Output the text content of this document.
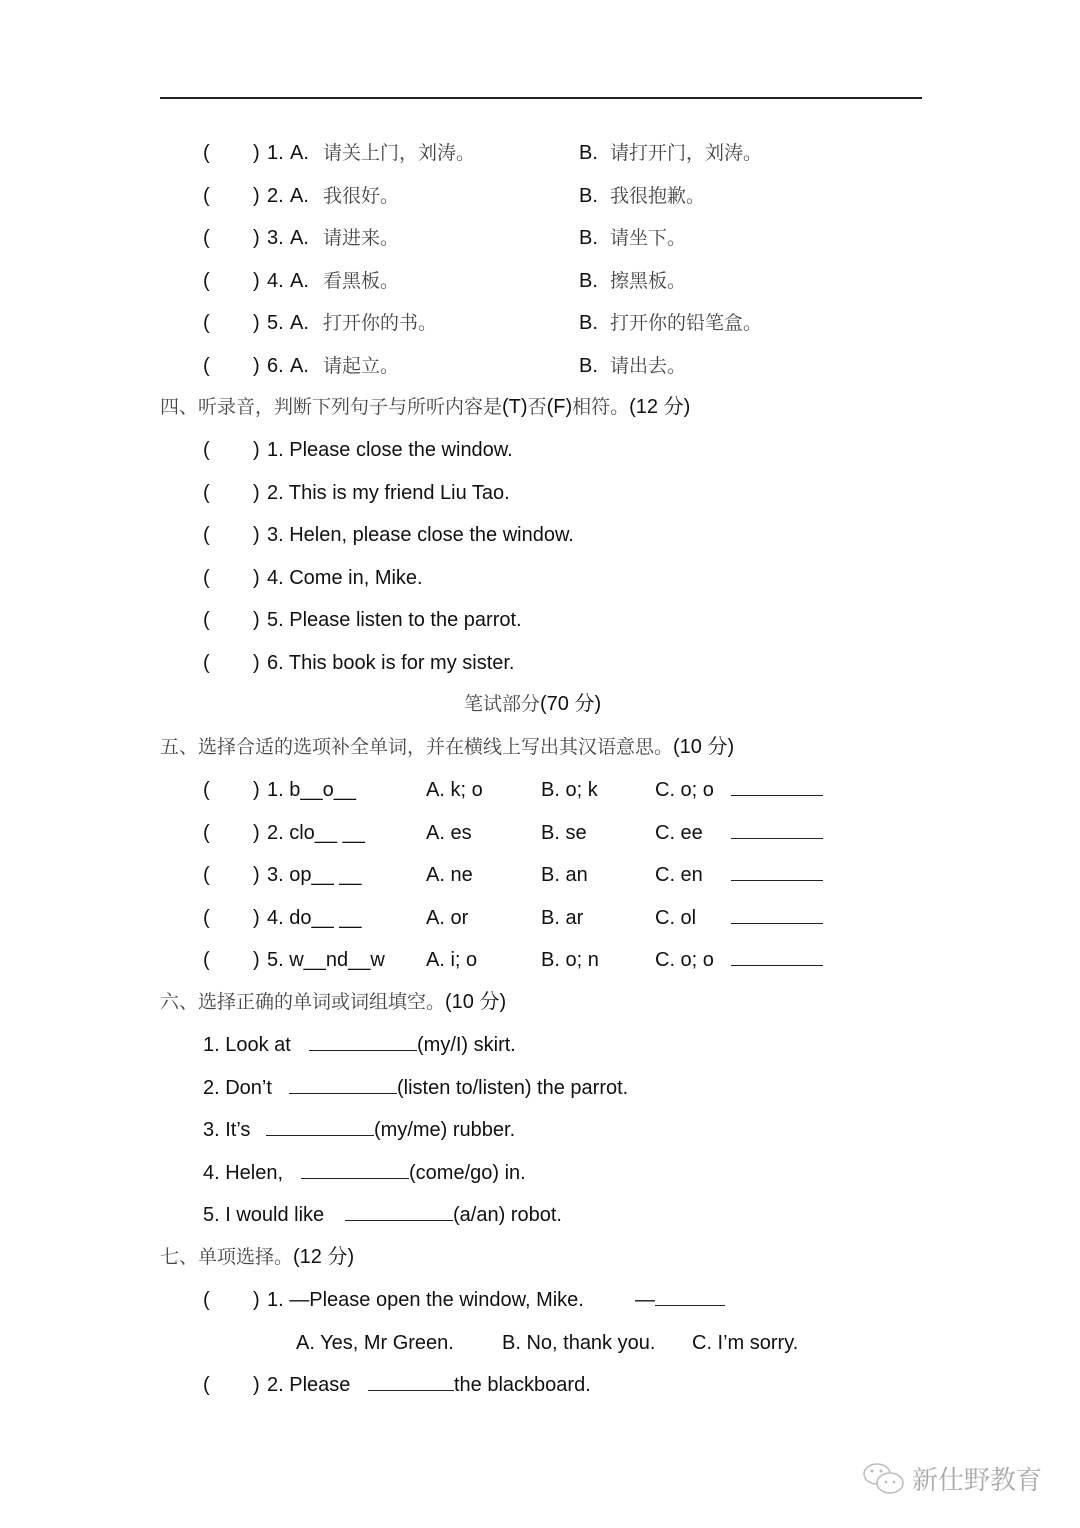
( ) 1. A. 请关上门，刘涛。	B. 请打开门，刘涛。
( ) 2. A. 我很好。	B. 我很抱歉。
( ) 3. A. 请进来。	B. 请坐下。
( ) 4. A. 看黑板。	B. 擦黑板。
( ) 5. A. 打开你的书。	B. 打开你的铅笔盒。
( ) 6. A. 请起立。	B. 请出去。
四、听录音，判断下列句子与所听内容是(T)否(F)相符。(12 分)
( ) 1. Please close the window.
( ) 2. This is my friend Liu Tao.
( ) 3. Helen, please close the window.
( ) 4. Come in, Mike.
( ) 5. Please listen to the parrot.
( ) 6. This book is for my sister.
笔试部分(70 分)
五、选择合适的选项补全单词，并在横线上写出其汉语意思。(10 分)
( ) 1. b__o__	A. k; o	B. o; k	C. o; o
( ) 2. clo__ __	A. es	B. se	C. ee
( ) 3. op__ __	A. ne	B. an	C. en
( ) 4. do__ __	A. or	B. ar	C. ol
( ) 5. w__nd__w A. i; o	B. o; n	C. o; o
六、选择正确的单词或词组填空。(10 分)
1. Look at	(my/I) skirt.
2. Don’t	(listen to/listen) the parrot.
3. It’s	(my/me) rubber.
4. Helen,	(come/go) in.
5. I would like	(a/an) robot.
七、单项选择。(12 分)
( ) 1. —Please open the window, Mike.	—
A. Yes, Mr Green. B. No, thank you. C. I’m sorry.
( ) 2. Please	the blackboard.
新仕野教育
